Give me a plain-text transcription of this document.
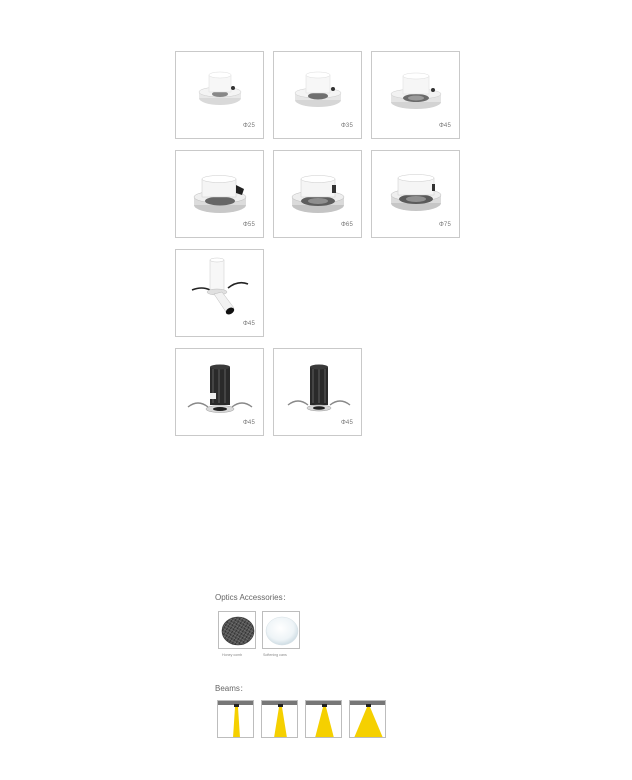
Φ25	Φ35	Φ45
Φ55	Φ65	Φ75
Φ45
Φ45	Φ45
Optics Accessories：
Honey comb	Softening cans
Beams：
